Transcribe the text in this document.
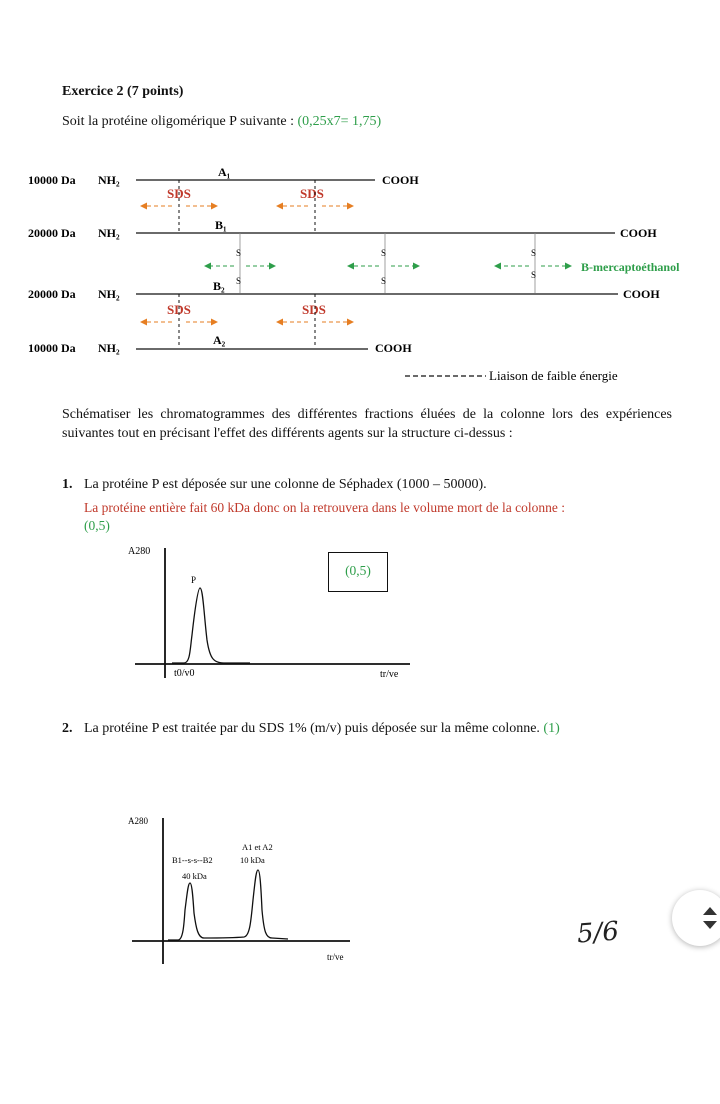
Exercice 2 (7 points)
Soit la protéine oligomérique P suivante : (0,25x7= 1,75)
10000 Da NH₂
A₁
COOH
SDS	SDS
20000 Da NH₂
B₁
COOH
S
S
S
S
S
S
B-mercaptoéthanol
20000 Da NH₂
B₂
COOH
SDS	SDS
10000 Da NH₂
A₂
COOH
Liaison de faible énergie
Schématiser les chromatogrammes des différentes fractions éluées de la colonne lors des expériences suivantes tout en précisant l'effet des différents agents sur la structure ci-dessus :
1. La protéine P est déposée sur une colonne de Séphadex (1000 – 50000).
La protéine entière fait 60 kDa donc on la retrouvera dans le volume mort de la colonne :
(0,5)
A280
P
t0/v0	tr/ve
(0,5)
2. La protéine P est traitée par du SDS 1% (m/v) puis déposée sur la même colonne. (1)
A280
B1--s-s--B2
40 kDa
A1 et A2
10 kDa
tr/ve
5/6
